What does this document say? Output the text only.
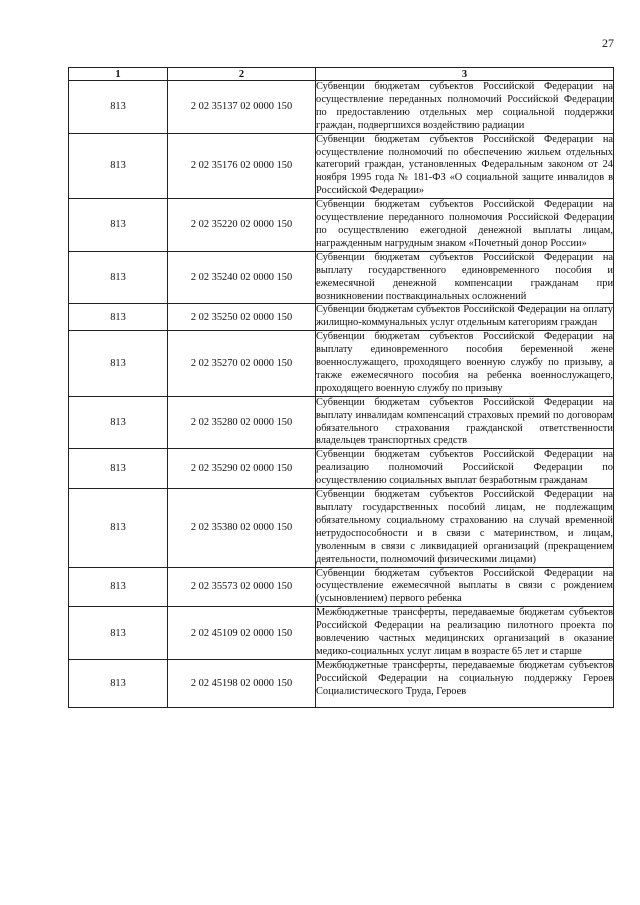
27
1	2	3
813	2 02 35137 02 0000 150	Субвенции бюджетам субъектов Российской Федерации на осуществление переданных полномочий Российской Федерации по предоставлению отдельных мер социальной поддержки граждан, подвергшихся воздействию радиации
813	2 02 35176 02 0000 150	Субвенции бюджетам субъектов Российской Федерации на осуществление полномочий по обеспечению жильем отдельных категорий граждан, установленных Федеральным законом от 24 ноября 1995 года № 181-ФЗ «О социальной защите инвалидов в Российской Федерации»
813	2 02 35220 02 0000 150	Субвенции бюджетам субъектов Российской Федерации на осуществление переданного полномочия Российской Федерации по осуществлению ежегодной денежной выплаты лицам, награжденным нагрудным знаком «Почетный донор России»
813	2 02 35240 02 0000 150	Субвенции бюджетам субъектов Российской Федерации на выплату государственного единовременного пособия и ежемесячной денежной компенсации гражданам при возникновении поствакцинальных осложнений
813	2 02 35250 02 0000 150	Субвенции бюджетам субъектов Российской Федерации на оплату жилищно-коммунальных услуг отдельным категориям граждан
813	2 02 35270 02 0000 150	Субвенции бюджетам субъектов Российской Федерации на выплату единовременного пособия беременной жене военнослужащего, проходящего военную службу по призыву, а также ежемесячного пособия на ребенка военнослужащего, проходящего военную службу по призыву
813	2 02 35280 02 0000 150	Субвенции бюджетам субъектов Российской Федерации на выплату инвалидам компенсаций страховых премий по договорам обязательного страхования гражданской ответственности владельцев транспортных средств
813	2 02 35290 02 0000 150	Субвенции бюджетам субъектов Российской Федерации на реализацию полномочий Российской Федерации по осуществлению социальных выплат безработным гражданам
813	2 02 35380 02 0000 150	Субвенции бюджетам субъектов Российской Федерации на выплату государственных пособий лицам, не подлежащим обязательному социальному страхованию на случай временной нетрудоспособности и в связи с материнством, и лицам, уволенным в связи с ликвидацией организаций (прекращением деятельности, полномочий физическими лицами)
813	2 02 35573 02 0000 150	Субвенции бюджетам субъектов Российской Федерации на осуществление ежемесячной выплаты в связи с рождением (усыновлением) первого ребенка
813	2 02 45109 02 0000 150	Межбюджетные трансферты, передаваемые бюджетам субъектов Российской Федерации на реализацию пилотного проекта по вовлечению частных медицинских организаций в оказание медико-социальных услуг лицам в возрасте 65 лет и старше
813	2 02 45198 02 0000 150	Межбюджетные трансферты, передаваемые бюджетам субъектов Российской Федерации на социальную поддержку Героев Социалистического Труда, Героев
